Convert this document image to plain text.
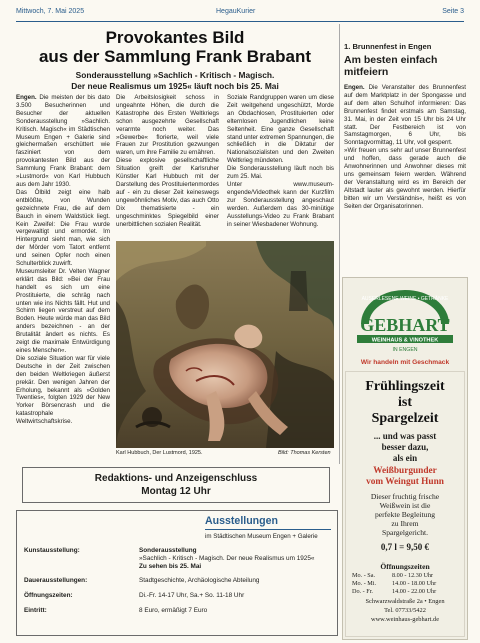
Mittwoch, 7. Mai 2025	HegauKurier	Seite 3
Provokantes Bild
aus der Sammlung Frank Brabant
Sonderausstellung »Sachlich - Kritisch - Magisch.
Der neue Realismus um 1925« läuft noch bis 25. Mai

Engen. Die meisten der bis dato 3.500 Besucherinnen und Besucher der aktuellen Sonderausstellung »Sachlich. Kritisch. Magisch« im Städtischen Museum Engen + Galerie sind gleichermaßen erschüttert wie fasziniert von dem provokantesten Bild aus der Sammlung Frank Brabant: dem »Lustmord« von Karl Hubbuch aus dem Jahr 1930.

Das Ölbild zeigt eine halb entblößte, von Wunden gezeichnete Frau, die auf dem Bauch in einem Waldstück liegt. Kein Zweifel: Die Frau wurde vergewaltigt und ermordet. Im Hintergrund sieht man, wie sich der Mörder vom Tatort entfernt und seinen Opfer noch einen Schulterblick zuwirft.

Museumsleiter Dr. Velten Wagner erklärt das Bild: »Bei der Frau handelt es sich um eine Prostituierte, die schräg nach unten wie ins Nichts fällt. Hut und Schirm liegen verstreut auf dem Boden. Heute würde man das Bild anders bezeichnen - an der Brutalität ändert es nichts. Es zeigt die maximale Entwürdigung eines Menschen«.

Die soziale Situation war für viele Deutsche in der Zeit zwischen den beiden Weltkriegen äußerst prekär. Den wenigen Jahren der Erholung, bekannt als »Golden Twenties«, folgten 1929 der New Yorker Börsencrash und die katastrophale Weltwirtschaftskrise.

Die Arbeitslosigkeit schoss in ungeahnte Höhen, die durch die Katastrophe des Ersten Weltkriegs schon ausgezehrte Gesellschaft verarmte noch weiter. Das »Gewerbe« florierte, weil viele Frauen zur Prostitution gezwungen waren, um ihre Familie zu ernähren.

Diese explosive gesellschaftliche Situation greift der Karlsruher Künstler Karl Hubbuch mit der Darstellung des Prostituiertenmordes auf - ein zu dieser Zeit keineswegs ungewöhnliches Motiv, das auch Otto Dix thematisierte - ein ungeschminktes Spiegelbild einer unerbittlichen sozialen Realität.

Soziale Randgruppen waren um diese Zeit weitgehend ungeschützt, Morde an Obdachlosen, Prostituierten oder elternlosen Jugendlichen keine Seltenheit. Eine ganze Gesellschaft stand unter extremen Spannungen, die schließlich in die Diktatur der Nationalsozialisten und den Zweiten Weltkrieg mündeten.

Die Sonderausstellung läuft noch bis zum 25. Mai.

Unter www.museum-engende/Videothek kann der Kurzfilm zur Sonderausstellung angeschaut werden. Außerdem das 30-minütige Ausstellungs-Video zu Frank Brabant in seiner Wiesbadener Wohnung.

Karl Hubbuch, Der Lustmord, 1925.	Bild: Thomas Kersten
1. Brunnenfest in Engen
Am besten einfach mitfeiern

Engen. Die Veranstalter des Brunnenfest auf dem Marktplatz in der Spongasse und auf dem alten Schulhof informieren: Das Brunnenfest findet erstmals am Samstag, 31. Mai, in der Zeit von 15 Uhr bis 24 Uhr statt. Der Festbereich ist von Samstagmorgen, 6 Uhr, bis Sonntagvormittag, 11 Uhr, voll gesperrt.

»Wir freuen uns sehr auf unser Brunnenfest und hoffen, dass gerade auch die Anwohnerinnen und Anwohner dieses mit uns gemeinsam feiern werden. Während der Veranstaltung wird es im Bereich der Altstadt lauter als gewohnt werden. Hierfür bitten wir um Verständnis«, heißt es von Seiten der Organisatorinnen.

AUSERLESENE WEINE • GETRÄNKE
GEBHART
WEINHAUS & VINOTHEK
IN ENGEN
Wir handeln mit Geschmack
Frühlingszeit
ist
Spargelzeit
... und was passt
besser dazu,
als ein
Weißburgunder
vom Weingut Hunn
Dieser fruchtig frische
Weißwein ist die
perfekte Begleitung
zu Ihrem
Spargelgericht.
0,7 l = 9,50 €
Öffnungszeiten
Mo. - Sa.	8.00 - 12.30 Uhr
Mo. - Mi.	14.00 - 18.00 Uhr
Do. - Fr.	14.00 - 22.00 Uhr
Schwarzwaldstraße 2a • Engen
Tel. 07733/5422
www.weinhaus-gebhart.de
Redaktions- und Anzeigenschluss
Montag 12 Uhr
Ausstellungen
im Städtischen Museum Engen + Galerie
Kunstausstellung:	Sonderausstellung
»Sachlich - Kritisch - Magisch. Der neue Realismus um 1925«
Zu sehen bis 25. Mai
Dauerausstellungen:	Stadtgeschichte, Archäologische Abteilung
Öffnungszeiten:	Di.-Fr. 14-17 Uhr, Sa.+ So. 11-18 Uhr
Eintritt:	8 Euro, ermäßigt 7 Euro
